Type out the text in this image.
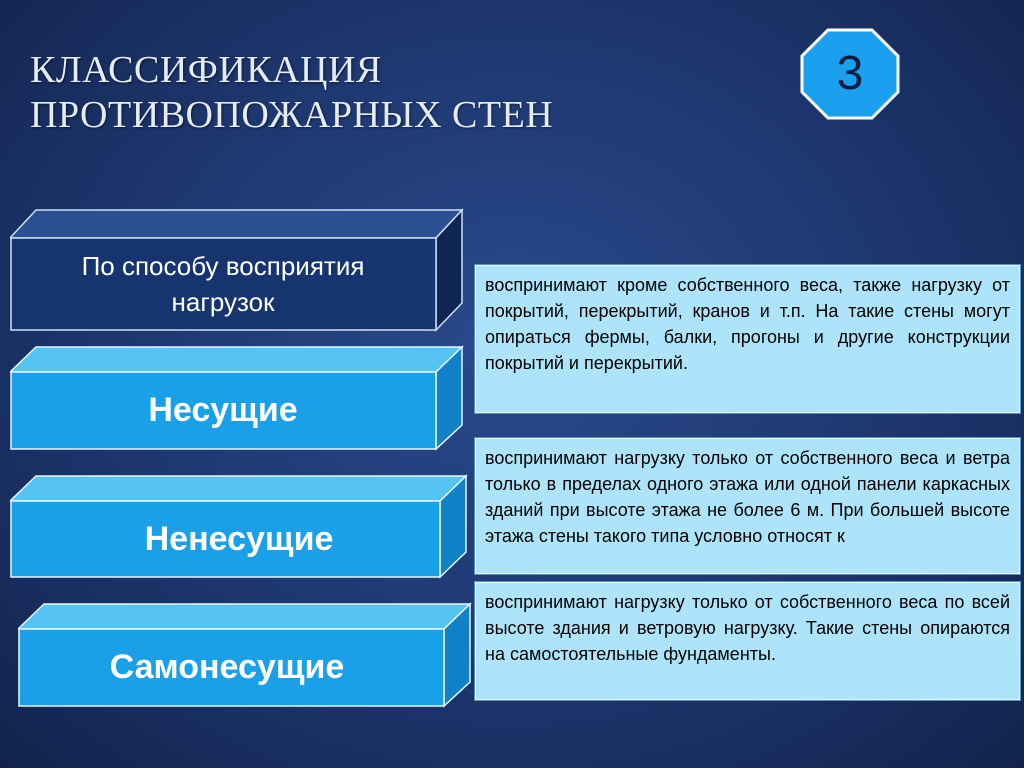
КЛАССИФИКАЦИЯ
ПРОТИВОПОЖАРНЫХ СТЕН
3
По способу восприятия
нагрузок
Несущие
Ненесущие
Самонесущие
воспринимают кроме собственного веса, также нагрузку от покрытий, перекрытий, кранов и т.п. На такие стены могут опираться фермы, балки, прогоны и другие конструкции покрытий и перекрытий.
воспринимают нагрузку только от собственного веса и ветра только в пределах одного этажа или одной панели каркасных зданий при высоте этажа не более 6 м. При большей высоте этажа стены такого типа условно относят к
воспринимают нагрузку только от собственного веса по всей высоте здания и ветровую нагрузку. Такие стены опираются на самостоятельные фундаменты.
